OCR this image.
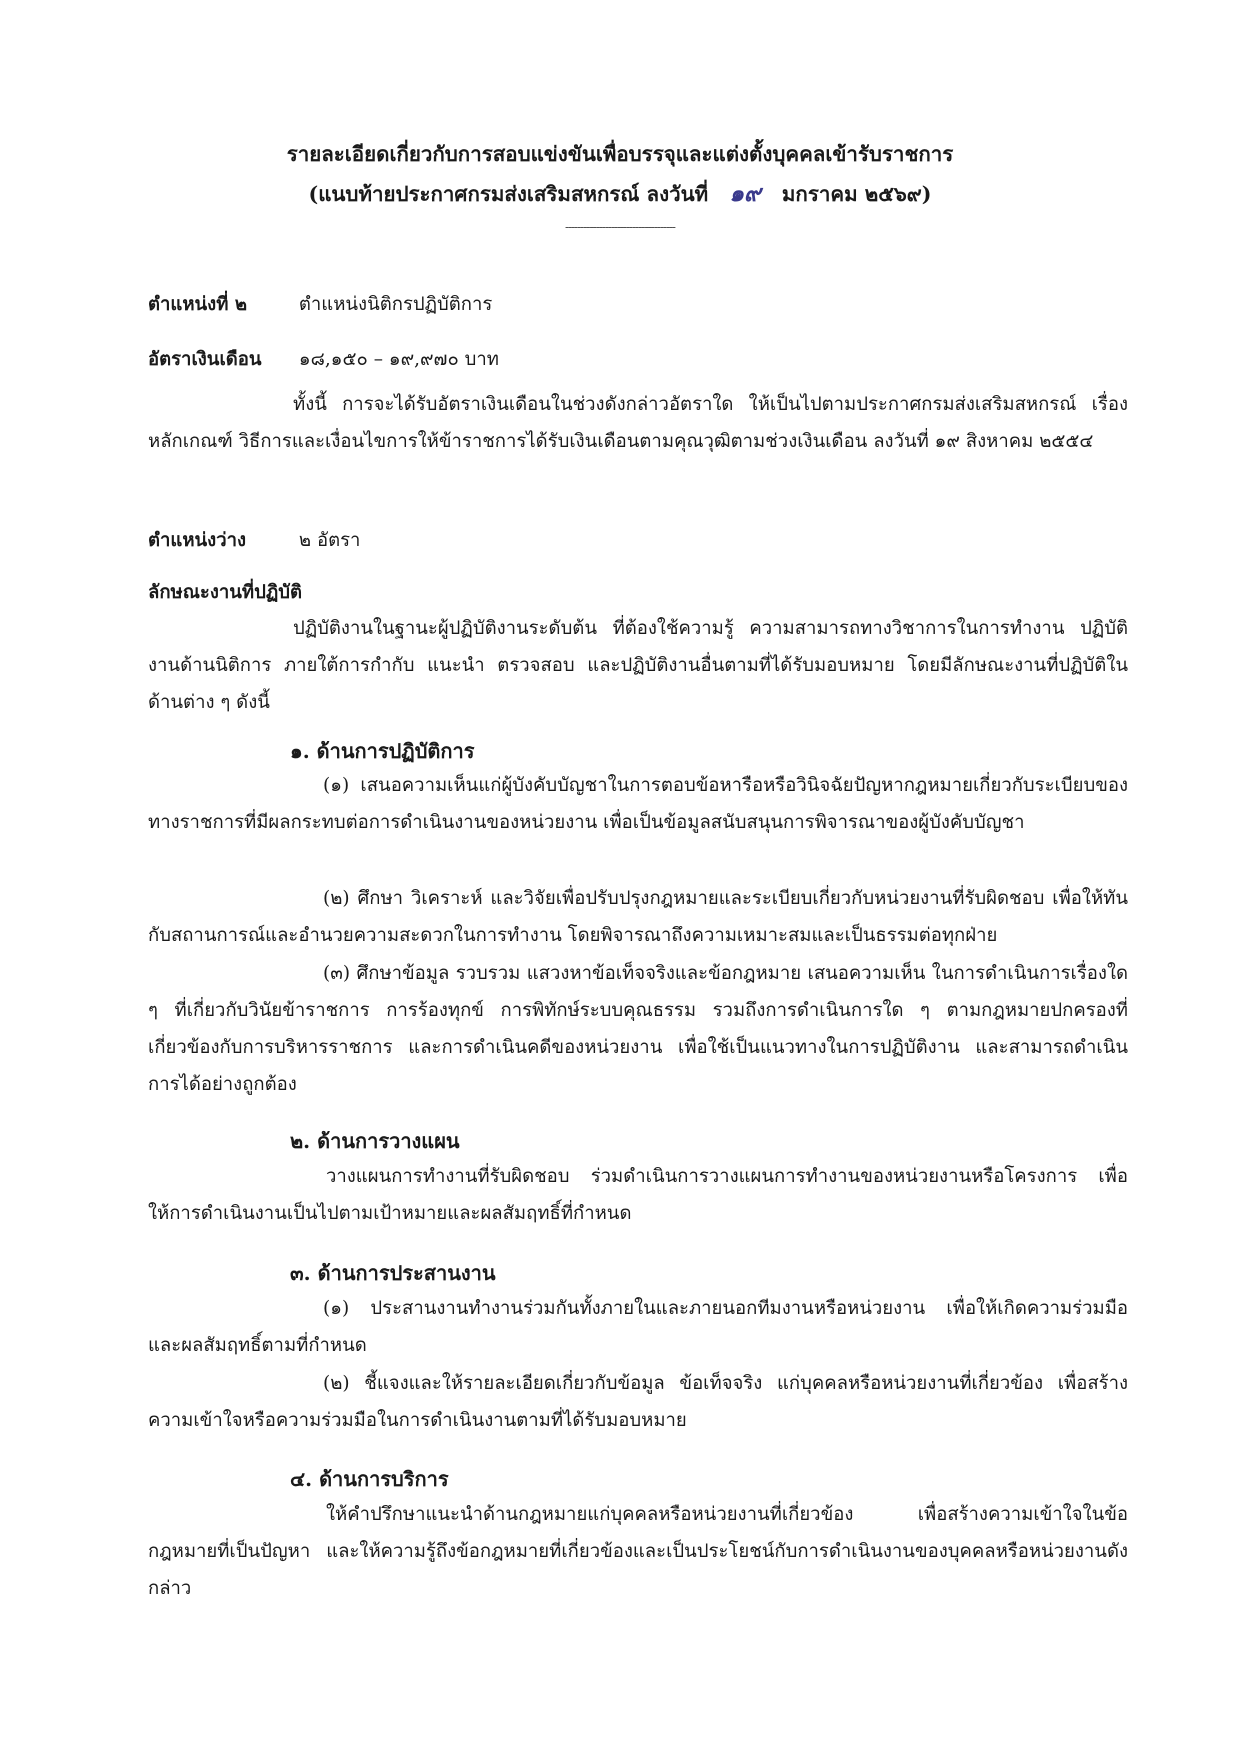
รายละเอียดเกี่ยวกับการสอบแข่งขันเพื่อบรรจุและแต่งตั้งบุคคลเข้ารับราชการ
(แนบท้ายประกาศกรมส่งเสริมสหกรณ์ ลงวันที่ ๑๙ มกราคม ๒๕๖๙)
------------------------------------
ตำแหน่งที่ ๒	ตำแหน่งนิติกรปฏิบัติการ
อัตราเงินเดือน ๑๘,๑๕๐ – ๑๙,๙๗๐ บาท
ทั้งนี้ การจะได้รับอัตราเงินเดือนในช่วงดังกล่าวอัตราใด ให้เป็นไปตามประกาศกรมส่งเสริมสหกรณ์ เรื่อง หลักเกณฑ์ วิธีการและเงื่อนไขการให้ข้าราชการได้รับเงินเดือนตามคุณวุฒิตามช่วงเงินเดือน ลงวันที่ ๑๙ สิงหาคม ๒๕๕๔
ตำแหน่งว่าง	๒ อัตรา
ลักษณะงานที่ปฏิบัติ
ปฏิบัติงานในฐานะผู้ปฏิบัติงานระดับต้น ที่ต้องใช้ความรู้ ความสามารถทางวิชาการในการทำงาน ปฏิบัติงานด้านนิติการ ภายใต้การกำกับ แนะนำ ตรวจสอบ และปฏิบัติงานอื่นตามที่ได้รับมอบหมาย โดยมีลักษณะงานที่ปฏิบัติในด้านต่าง ๆ ดังนี้
๑. ด้านการปฏิบัติการ
(๑) เสนอความเห็นแก่ผู้บังคับบัญชาในการตอบข้อหารือหรือวินิจฉัยปัญหากฎหมายเกี่ยวกับระเบียบของทางราชการที่มีผลกระทบต่อการดำเนินงานของหน่วยงาน เพื่อเป็นข้อมูลสนับสนุนการพิจารณาของผู้บังคับบัญชา
(๒) ศึกษา วิเคราะห์ และวิจัยเพื่อปรับปรุงกฎหมายและระเบียบเกี่ยวกับหน่วยงานที่รับผิดชอบ เพื่อให้ทันกับสถานการณ์และอำนวยความสะดวกในการทำงาน โดยพิจารณาถึงความเหมาะสมและเป็นธรรมต่อทุกฝ่าย
(๓) ศึกษาข้อมูล รวบรวม แสวงหาข้อเท็จจริงและข้อกฎหมาย เสนอความเห็น ในการดำเนินการเรื่องใด ๆ ที่เกี่ยวกับวินัยข้าราชการ การร้องทุกข์ การพิทักษ์ระบบคุณธรรม รวมถึงการดำเนินการใด ๆ ตามกฎหมายปกครองที่เกี่ยวข้องกับการบริหารราชการ และการดำเนินคดีของหน่วยงาน เพื่อใช้เป็นแนวทางในการปฏิบัติงาน และสามารถดำเนินการได้อย่างถูกต้อง
๒. ด้านการวางแผน
วางแผนการทำงานที่รับผิดชอบ ร่วมดำเนินการวางแผนการทำงานของหน่วยงานหรือโครงการ เพื่อให้การดำเนินงานเป็นไปตามเป้าหมายและผลสัมฤทธิ์ที่กำหนด
๓. ด้านการประสานงาน
(๑) ประสานงานทำงานร่วมกันทั้งภายในและภายนอกทีมงานหรือหน่วยงาน เพื่อให้เกิดความร่วมมือและผลสัมฤทธิ์ตามที่กำหนด
(๒) ชี้แจงและให้รายละเอียดเกี่ยวกับข้อมูล ข้อเท็จจริง แก่บุคคลหรือหน่วยงานที่เกี่ยวข้อง เพื่อสร้างความเข้าใจหรือความร่วมมือในการดำเนินงานตามที่ได้รับมอบหมาย
๔. ด้านการบริการ
ให้คำปรึกษาแนะนำด้านกฎหมายแก่บุคคลหรือหน่วยงานที่เกี่ยวข้อง เพื่อสร้างความเข้าใจในข้อกฎหมายที่เป็นปัญหา และให้ความรู้ถึงข้อกฎหมายที่เกี่ยวข้องและเป็นประโยชน์กับการดำเนินงานของบุคคลหรือหน่วยงานดังกล่าว
